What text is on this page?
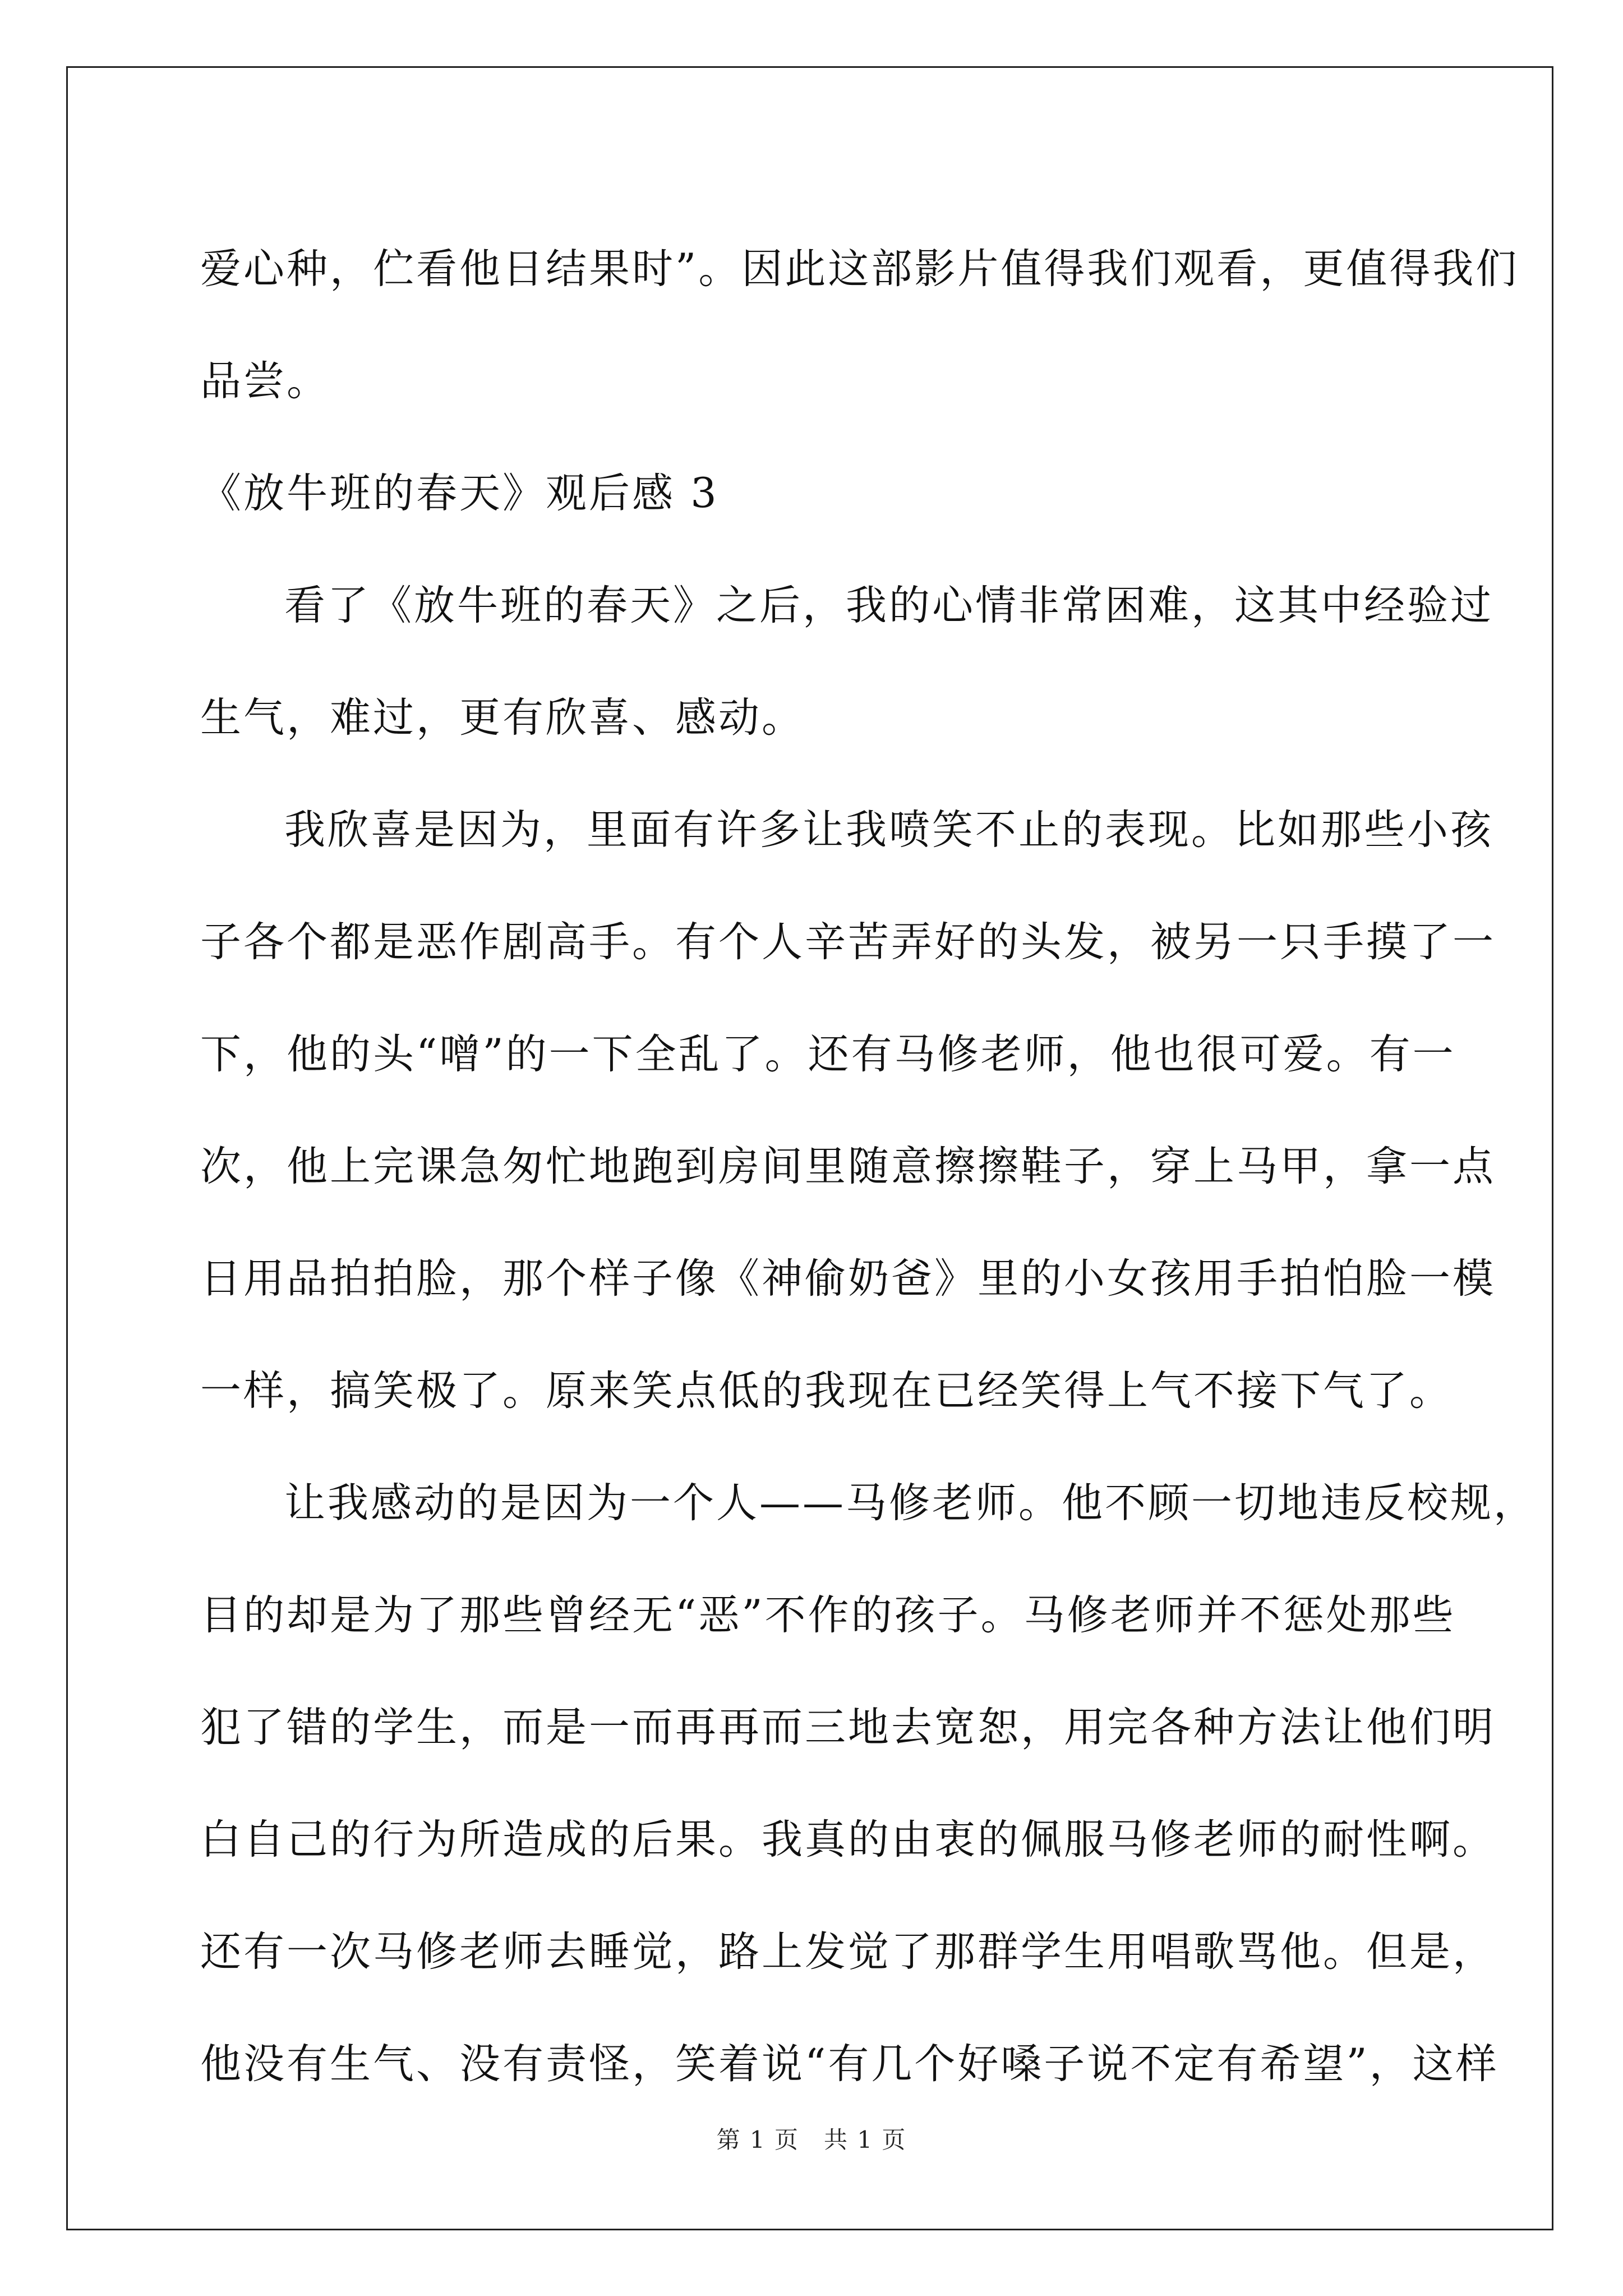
爱心种，伫看他日结果时”。因此这部影片值得我们观看，更值得我们
品尝。
《放牛班的春天》观后感 3
看了《放牛班的春天》之后，我的心情非常困难，这其中经验过
生气，难过，更有欣喜、感动。
我欣喜是因为，里面有许多让我喷笑不止的表现。比如那些小孩
子各个都是恶作剧高手。有个人辛苦弄好的头发，被另一只手摸了一
下，他的头“噌”的一下全乱了。还有马修老师，他也很可爱。有一
次，他上完课急匆忙地跑到房间里随意擦擦鞋子，穿上马甲，拿一点
日用品拍拍脸，那个样子像《神偷奶爸》里的小女孩用手拍怕脸一模
一样，搞笑极了。原来笑点低的我现在已经笑得上气不接下气了。
让我感动的是因为一个人——马修老师。他不顾一切地违反校规，
目的却是为了那些曾经无“恶”不作的孩子。马修老师并不惩处那些
犯了错的学生，而是一而再再而三地去宽恕，用完各种方法让他们明
白自己的行为所造成的后果。我真的由衷的佩服马修老师的耐性啊。
还有一次马修老师去睡觉，路上发觉了那群学生用唱歌骂他。但是，
他没有生气、没有责怪，笑着说“有几个好嗓子说不定有希望”，这样
第 1 页　共 1 页
